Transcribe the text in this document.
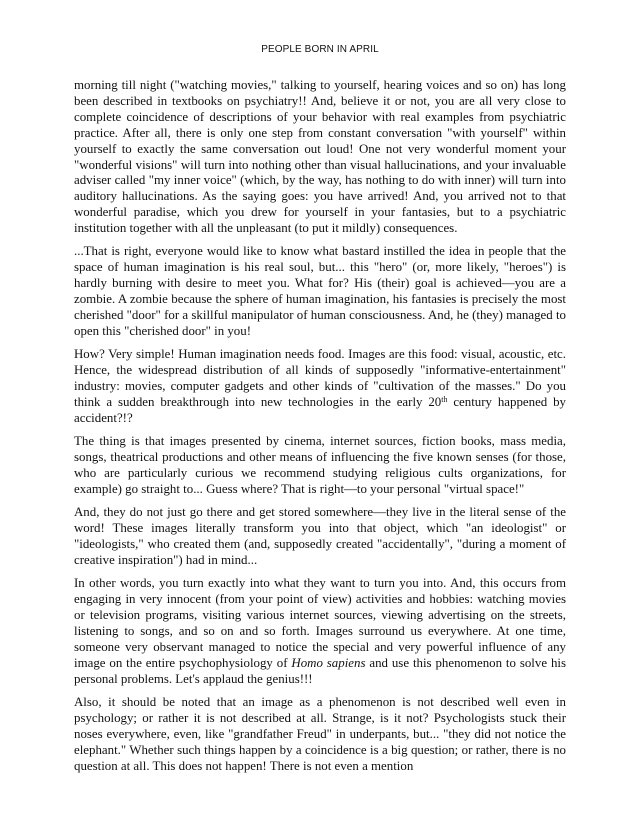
PEOPLE BORN IN APRIL

morning till night ("watching movies," talking to yourself, hearing voices and so on) has long been described in textbooks on psychiatry!! And, believe it or not, you are all very close to complete coincidence of descriptions of your behavior with real examples from psychiatric practice. After all, there is only one step from constant conversation "with yourself" within yourself to exactly the same conversation out loud! One not very wonderful moment your "wonderful visions" will turn into nothing other than visual hallucinations, and your invaluable adviser called "my inner voice" (which, by the way, has nothing to do with inner) will turn into auditory hallucinations. As the saying goes: you have arrived! And, you arrived not to that wonderful paradise, which you drew for yourself in your fantasies, but to a psychiatric institution together with all the unpleasant (to put it mildly) consequences.

...That is right, everyone would like to know what bastard instilled the idea in people that the space of human imagination is his real soul, but... this "hero" (or, more likely, "heroes") is hardly burning with desire to meet you. What for? His (their) goal is achieved—you are a zombie. A zombie because the sphere of human imagination, his fantasies is precisely the most cherished "door" for a skillful manipulator of human consciousness. And, he (they) managed to open this "cherished door" in you!

How? Very simple! Human imagination needs food. Images are this food: visual, acoustic, etc. Hence, the widespread distribution of all kinds of supposedly "informative-entertainment" industry: movies, computer gadgets and other kinds of "cultivation of the masses." Do you think a sudden breakthrough into new technologies in the early 20th century happened by accident?!?

The thing is that images presented by cinema, internet sources, fiction books, mass media, songs, theatrical productions and other means of influencing the five known senses (for those, who are particularly curious we recommend studying religious cults organizations, for example) go straight to... Guess where? That is right—to your personal "virtual space!"

And, they do not just go there and get stored somewhere—they live in the literal sense of the word! These images literally transform you into that object, which "an ideologist" or "ideologists," who created them (and, supposedly created "accidentally", "during a moment of creative inspiration") had in mind...

In other words, you turn exactly into what they want to turn you into. And, this occurs from engaging in very innocent (from your point of view) activities and hobbies: watching movies or television programs, visiting various internet sources, viewing advertising on the streets, listening to songs, and so on and so forth. Images surround us everywhere. At one time, someone very observant managed to notice the special and very powerful influence of any image on the entire psychophysiology of Homo sapiens and use this phenomenon to solve his personal problems. Let's applaud the genius!!!

Also, it should be noted that an image as a phenomenon is not described well even in psychology; or rather it is not described at all. Strange, is it not? Psychologists stuck their noses everywhere, even, like "grandfather Freud" in underpants, but... "they did not notice the elephant." Whether such things happen by a coincidence is a big question; or rather, there is no question at all. This does not happen! There is not even a mention
